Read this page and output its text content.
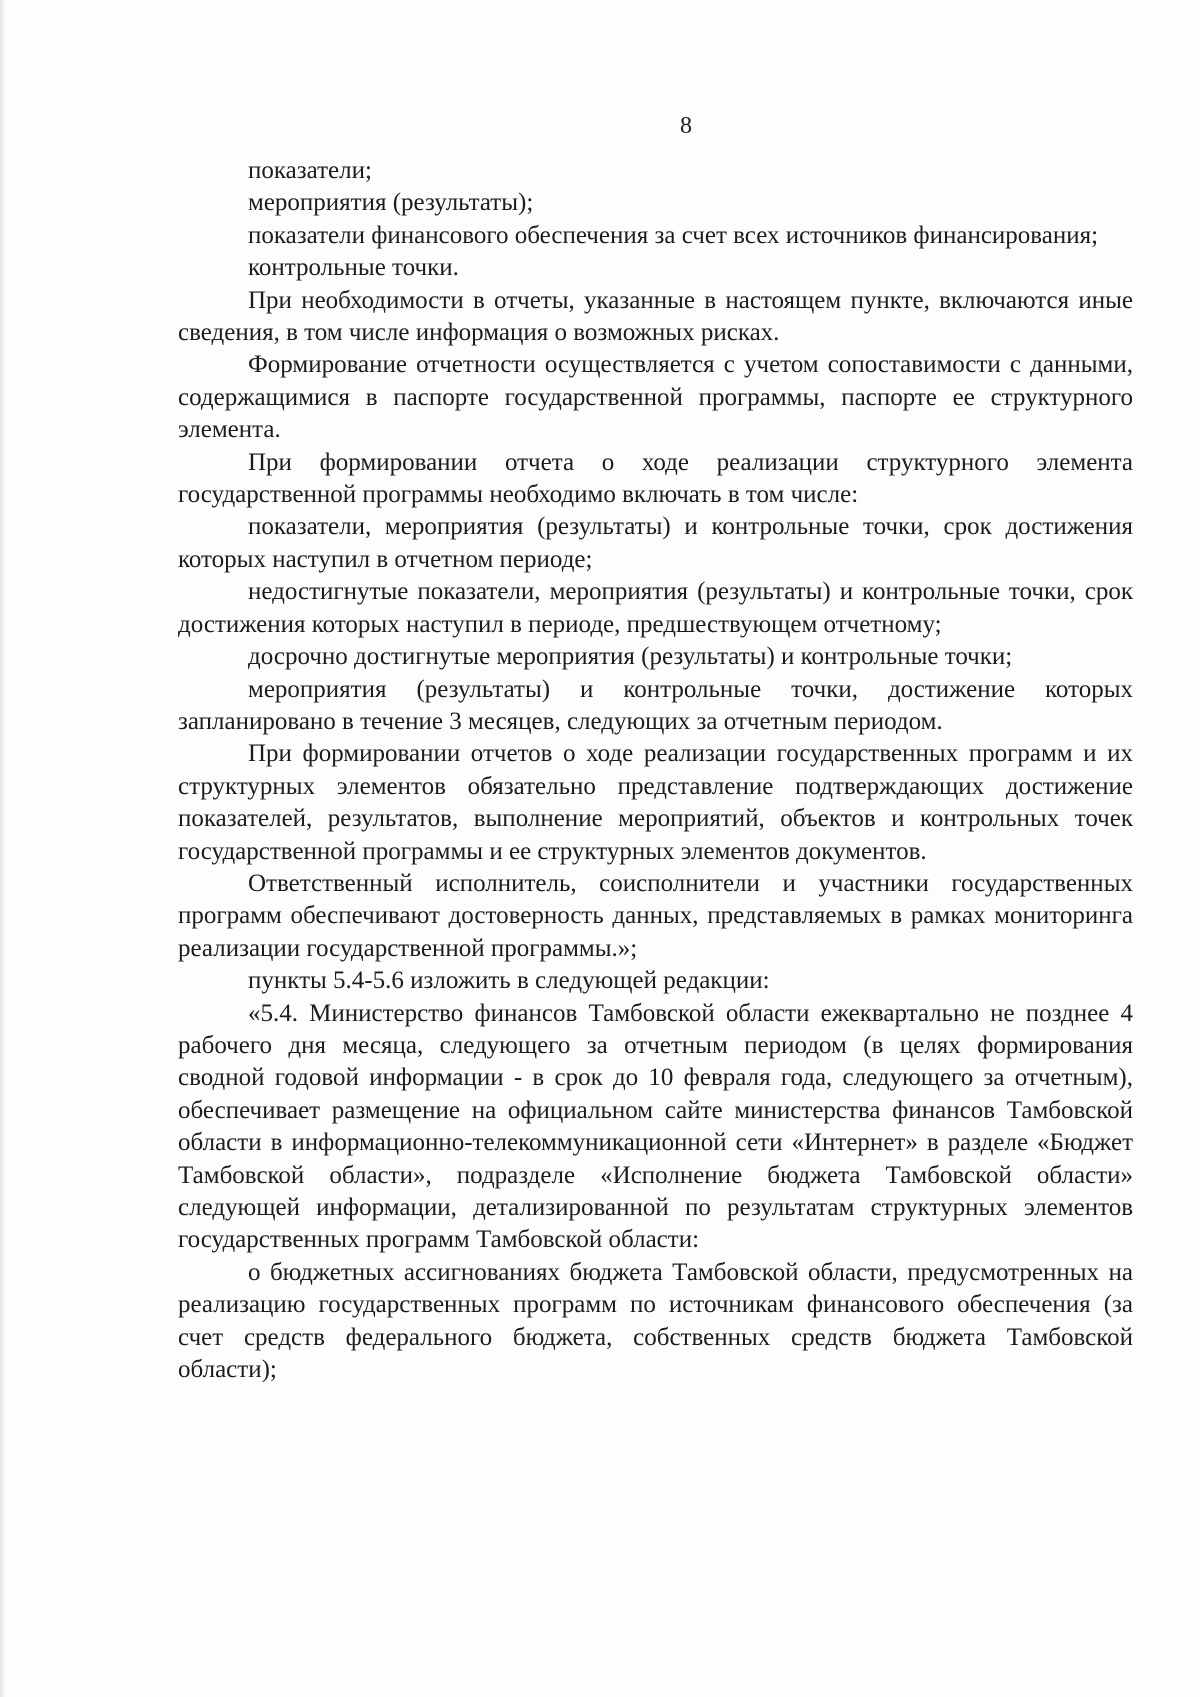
8

показатели;

мероприятия (результаты);

показатели финансового обеспечения за счет всех источников финансирования;

контрольные точки.

При необходимости в отчеты, указанные в настоящем пункте, включаются иные сведения, в том числе информация о возможных рисках.

Формирование отчетности осуществляется с учетом сопоставимости с данными, содержащимися в паспорте государственной программы, паспорте ее структурного элемента.

При формировании отчета о ходе реализации структурного элемента государственной программы необходимо включать в том числе:

показатели, мероприятия (результаты) и контрольные точки, срок достижения которых наступил в отчетном периоде;

недостигнутые показатели, мероприятия (результаты) и контрольные точки, срок достижения которых наступил в периоде, предшествующем отчетному;

досрочно достигнутые мероприятия (результаты) и контрольные точки;

мероприятия (результаты) и контрольные точки, достижение которых запланировано в течение 3 месяцев, следующих за отчетным периодом.

При формировании отчетов о ходе реализации государственных программ и их структурных элементов обязательно представление подтверждающих достижение показателей, результатов, выполнение мероприятий, объектов и контрольных точек государственной программы и ее структурных элементов документов.

Ответственный исполнитель, соисполнители и участники государственных программ обеспечивают достоверность данных, представляемых в рамках мониторинга реализации государственной программы.»;

пункты 5.4-5.6 изложить в следующей редакции:

«5.4. Министерство финансов Тамбовской области ежеквартально не позднее 4 рабочего дня месяца, следующего за отчетным периодом (в целях формирования сводной годовой информации - в срок до 10 февраля года, следующего за отчетным), обеспечивает размещение на официальном сайте министерства финансов Тамбовской области в информационно-телекоммуникационной сети «Интернет» в разделе «Бюджет Тамбовской области», подразделе «Исполнение бюджета Тамбовской области» следующей информации, детализированной по результатам структурных элементов государственных программ Тамбовской области:

о бюджетных ассигнованиях бюджета Тамбовской области, предусмотренных на реализацию государственных программ по источникам финансового обеспечения (за счет средств федерального бюджета, собственных средств бюджета Тамбовской области);
